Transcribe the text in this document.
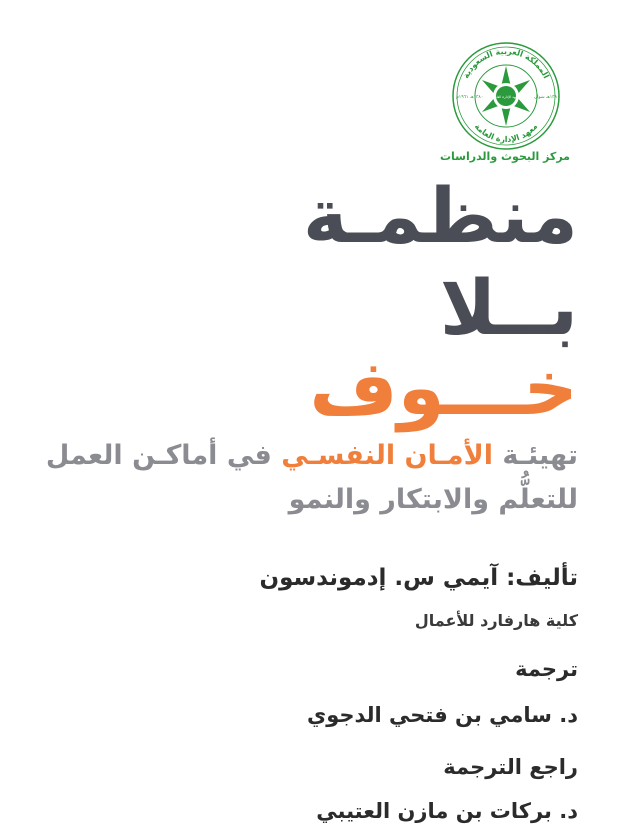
المملكة العربية السعودية
معهد الإدارة العامة
معهد الإدارة العامة
١٣٨٠هـ ١٩٦١م	١٣٨٠هـ شوال
مركز البحوث والدراسات
منظمـة
بــلا
خـــوف
تهيئـة الأمـان النفسـي في أماكـن العمل
للتعلُّم والابتكار والنمو
تأليف: آيمي س. إدموندسون
كلية هارفارد للأعمال
ترجمة
د. سامي بن فتحي الدجوي
راجع الترجمة
د. بركات بن مازن العتيبي
